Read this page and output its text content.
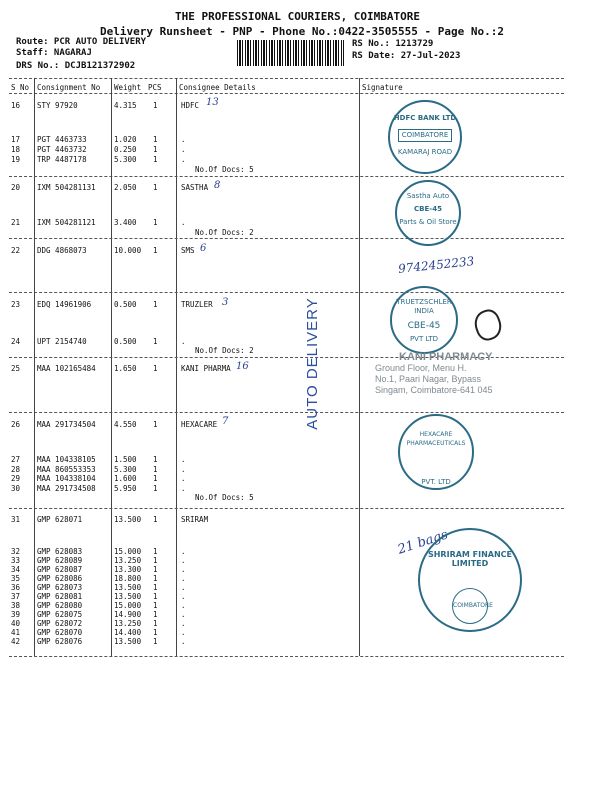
THE PROFESSIONAL COURIERS, COIMBATORE
Delivery Runsheet - PNP - Phone No.:0422-3505555 - Page No.:2
Route: PCR AUTO DELIVERY
Staff: NAGARAJ
DRS No.: DCJB121372902
RS No.: 1213729
RS Date: 27-Jul-2023
S No Consignment No Weight PCS Consignee Details	Signature
16 STY 97920	4.315 1	HDFC
17 PGT 4463733	1.020 1	.
18 PGT 4463732	0.250 1	.
19 TRP 4487178	5.300 1	.
No.Of Docs: 5
20 IXM 504281131 2.050 1	SASTHA
21 IXM 504281121 3.400 1	.
No.Of Docs: 2
22 DDG 4868073	10.000 1	SMS
23 EDQ 14961906	0.500 1	TRUZLER
24 UPT 2154740	0.500 1	.
No.Of Docs: 2
25 MAA 102165484 1.650 1	KANI PHARMA
26 MAA 291734504 4.550 1	HEXACARE
27 MAA 104338105 1.500 1	.
28 MAA 860553353 5.300 1	.
29 MAA 104338104 1.600 1	.
30 MAA 291734508 5.950 1	.
No.Of Docs: 5
31 GMP 628071	13.500 1	SRIRAM
32 GMP 628083	15.000 1	.
33 GMP 628089	13.250 1	.
34 GMP 628087	13.300 1	.
35 GMP 628086	18.800 1	.
36 GMP 628073	13.500 1	.
37 GMP 628081	13.500 1	.
38 GMP 628080	15.000 1	.
39 GMP 628075	14.900 1	.
40 GMP 628072	13.250 1	.
41 GMP 628070	14.400 1	.
42 GMP 628076	13.500 1	.
13
8
6
3
16
7
9742452233
21 bags
AUTO DELIVERY
HDFC BANK LTD
COIMBATORE
KAMARAJ ROAD
Sastha Auto
CBE-45
Parts & Oil Store
TRUETZSCHLER INDIA
CBE-45
PVT LTD
KANI PHARMACY
Ground Floor, Menu H.
No.1, Paari Nagar, Bypass
Singam, Coimbatore-641 045
HEXACARE PHARMACEUTICALS
PVT. LTD
SHRIRAM FINANCE LIMITED
COIMBATORE
